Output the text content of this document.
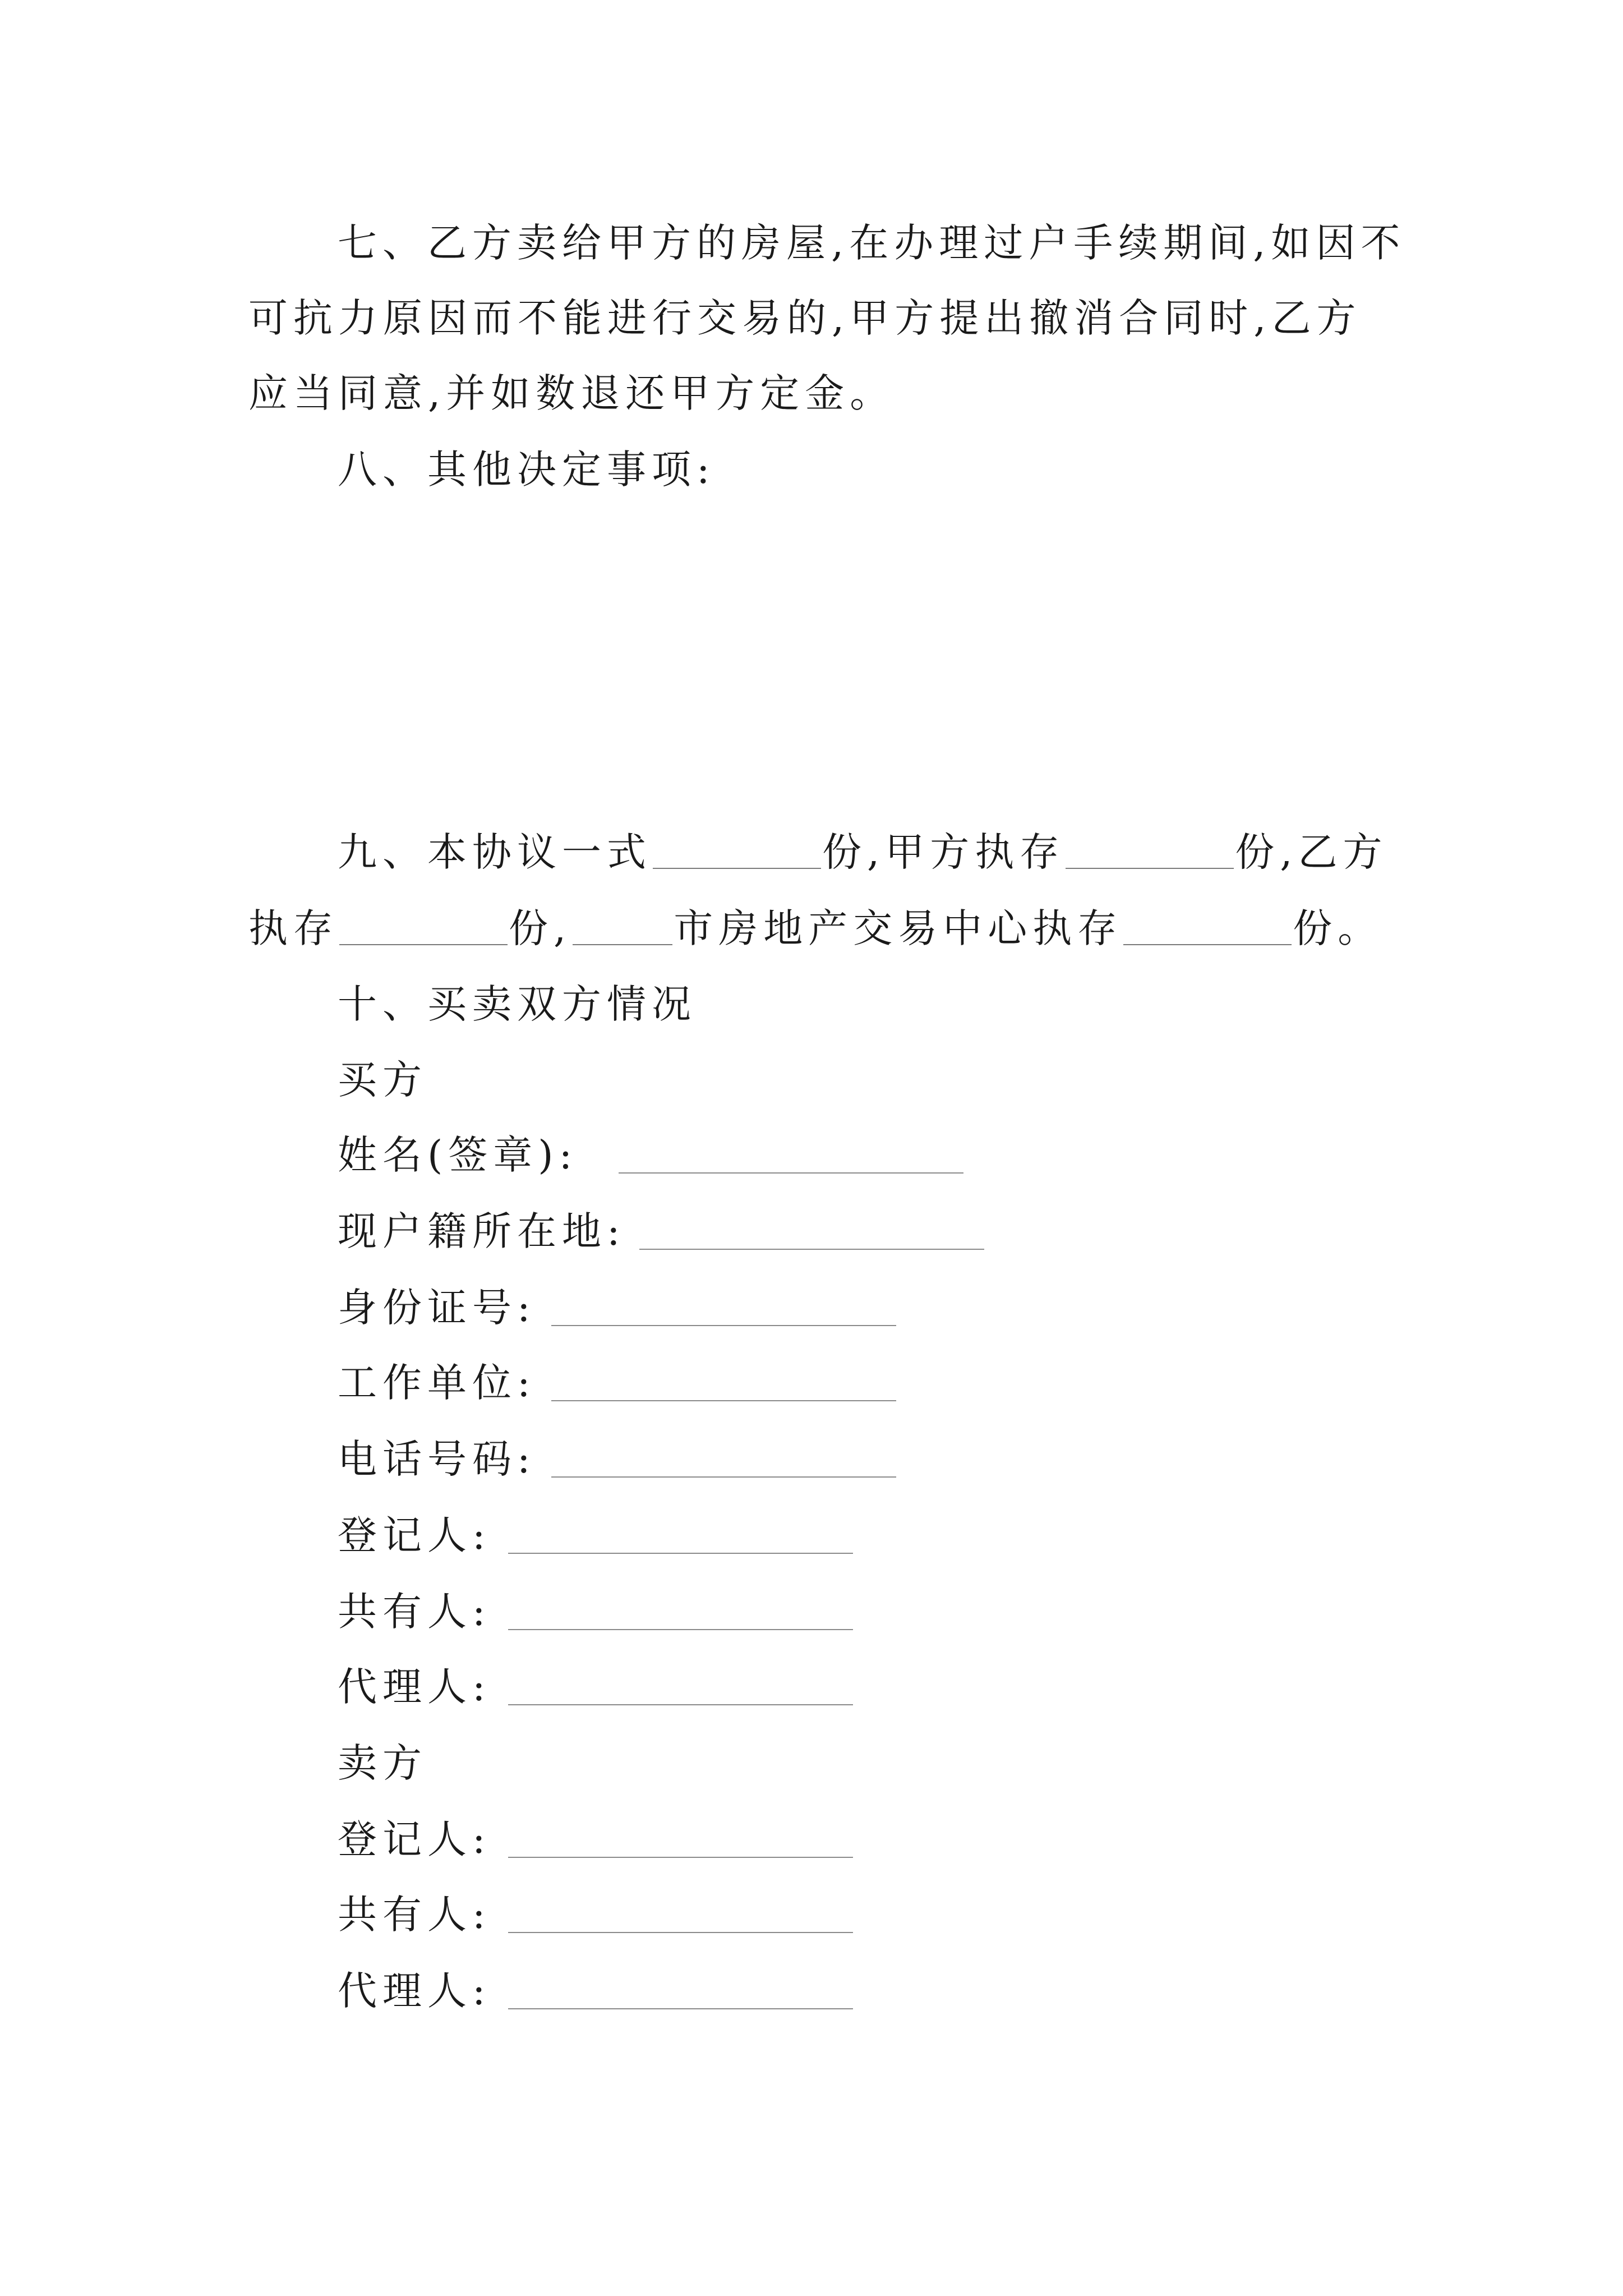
七、乙方卖给甲方的房屋,在办理过户手续期间,如因不
可抗力原因而不能进行交易的,甲方提出撤消合同时,乙方
应当同意,并如数退还甲方定金。
八、其他决定事项:
九、本协议一式	份,甲方执存	份,乙方
执存	份,	市房地产交易中心执存	份。
十、买卖双方情况
买方
姓名(签章):
现户籍所在地:
身份证号:
工作单位:
电话号码:
登记人:
共有人:
代理人:
卖方
登记人:
共有人:
代理人:
